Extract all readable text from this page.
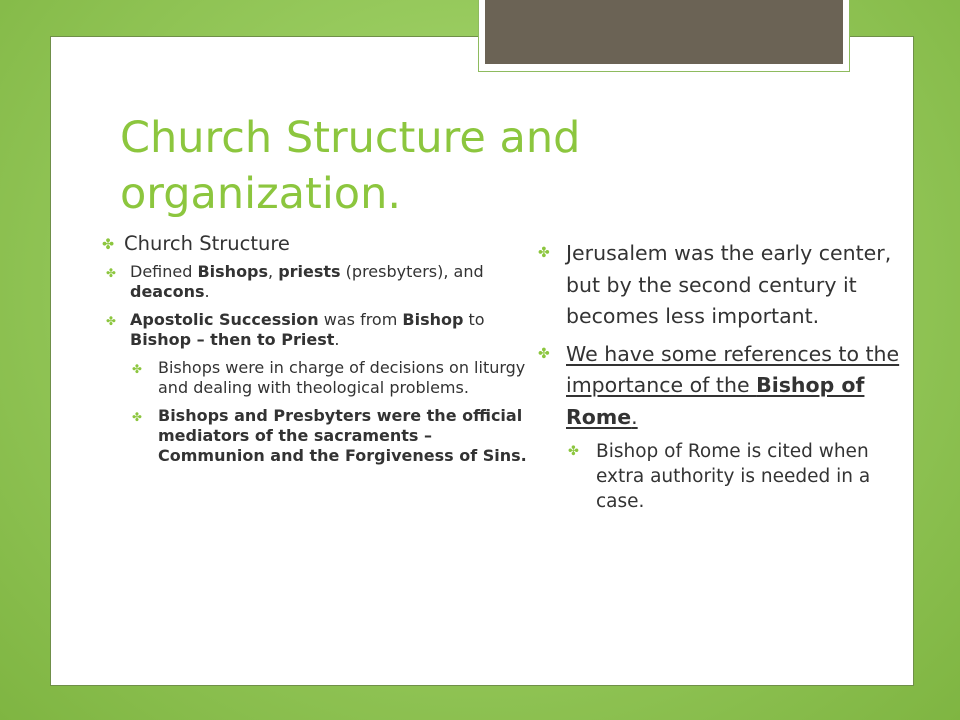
Church Structure and organization.

✤ Church Structure

✤ Defined Bishops, priests (presbyters), and deacons.

✤ Apostolic Succession was from Bishop to Bishop – then to Priest.

✤ Bishops were in charge of decisions on liturgy and dealing with theological problems.

✤ Bishops and Presbyters were the official mediators of the sacraments – Communion and the Forgiveness of Sins.

✤ Jerusalem was the early center, but by the second century it becomes less important.

✤ We have some references to the importance of the Bishop of Rome.

✤ Bishop of Rome is cited when extra authority is needed in a case.
